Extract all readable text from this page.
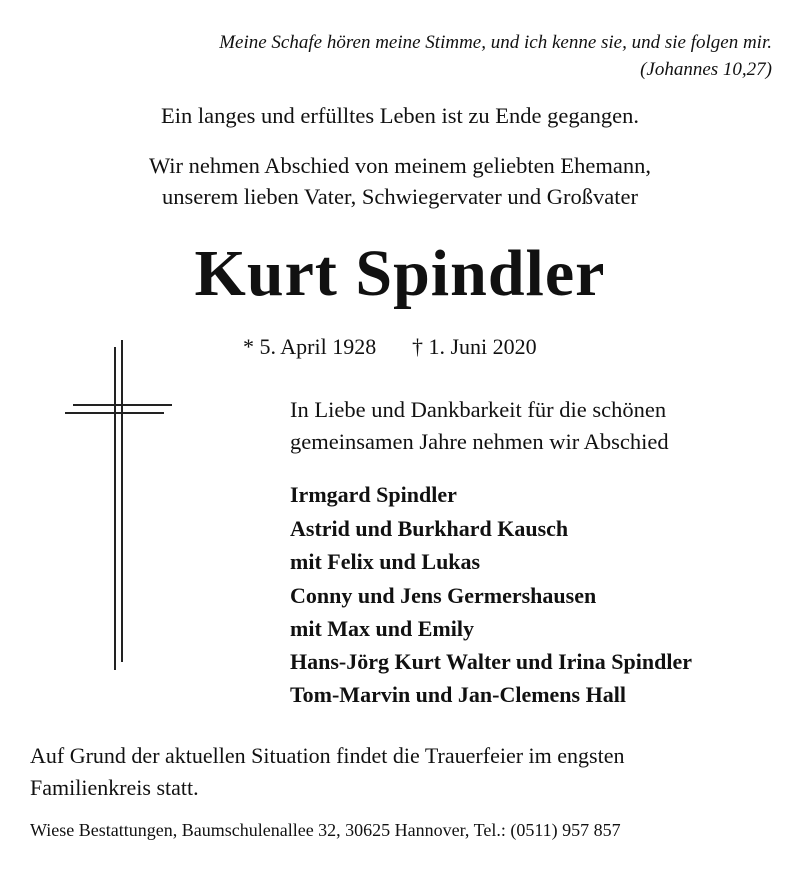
Meine Schafe hören meine Stimme, und ich kenne sie, und sie folgen mir.
(Johannes 10,27)
Ein langes und erfülltes Leben ist zu Ende gegangen.
Wir nehmen Abschied von meinem geliebten Ehemann,
unserem lieben Vater, Schwiegervater und Großvater
Kurt Spindler
* 5. April 1928 † 1. Juni 2020
In Liebe und Dankbarkeit für die schönen
gemeinsamen Jahre nehmen wir Abschied
Irmgard Spindler
Astrid und Burkhard Kausch
mit Felix und Lukas
Conny und Jens Germershausen
mit Max und Emily
Hans-Jörg Kurt Walter und Irina Spindler
Tom-Marvin und Jan-Clemens Hall
Auf Grund der aktuellen Situation findet die Trauerfeier im engsten
Familienkreis statt.
Wiese Bestattungen, Baumschulenallee 32, 30625 Hannover, Tel.: (0511) 957 857
